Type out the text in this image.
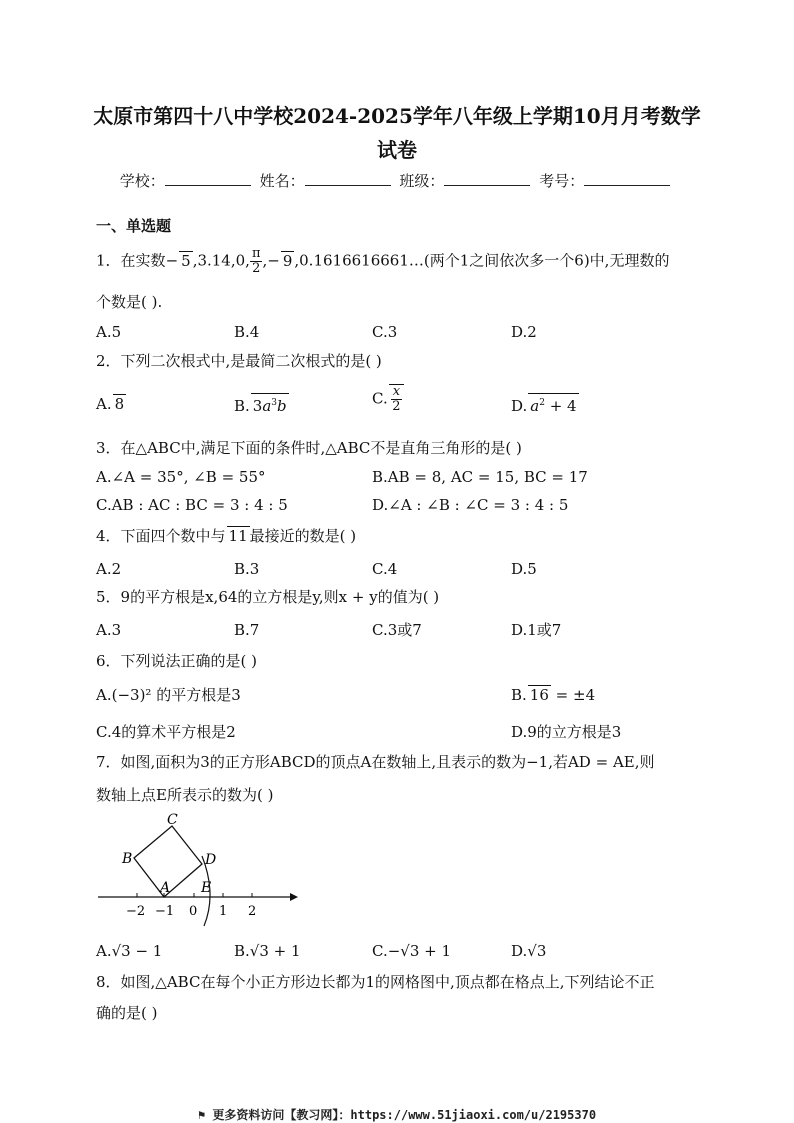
太原市第四十八中学校2024-2025学年八年级上学期10月月考数学
试卷
学校：	姓名：	班级：	考号：
一、单选题
1．在实数− 5 ,3.14,0, $\frac{\pi}{2}$ ,− 9 ,0.1616616661…(两个1之间依次多一个6)中,无理数的
个数是( ).
A.5	B.4	C.3	D.2
2．下列二次根式中,是最简二次根式的是( )
A. 8	B. $3a^3b$	C. $\frac{x}{2}$	D. $a^2 + 4$
3．在△ABC中,满足下面的条件时,△ABC不是直角三角形的是( )
A.∠A = 35°, ∠B = 55°	B.AB = 8, AC = 15, BC = 17
C.AB : AC : BC = 3 : 4 : 5	D.∠A : ∠B : ∠C = 3 : 4 : 5
4．下面四个数中与 11 最接近的数是( )
A.2	B.3	C.4	D.5
5．9的平方根是x,64的立方根是y,则x + y的值为( )
A.3	B.7	C.3或7	D.1或7
6．下列说法正确的是( )
A.(−3)² 的平方根是3	B. 16 = ±4
C.4的算术平方根是2	D.9的立方根是3
7．如图,面积为3的正方形ABCD的顶点A在数轴上,且表示的数为−1,若AD = AE,则
数轴上点E所表示的数为( )
C
B	D
A E
−2 −1 0 1 2
A.√3 − 1	B.√3 + 1	C.−√3 + 1	D.√3
8．如图,△ABC在每个小正方形边长都为1的网格图中,顶点都在格点上,下列结论不正
确的是( )
⚑ 更多资料访问【教习网】：https://www.51jiaoxi.com/u/2195370
